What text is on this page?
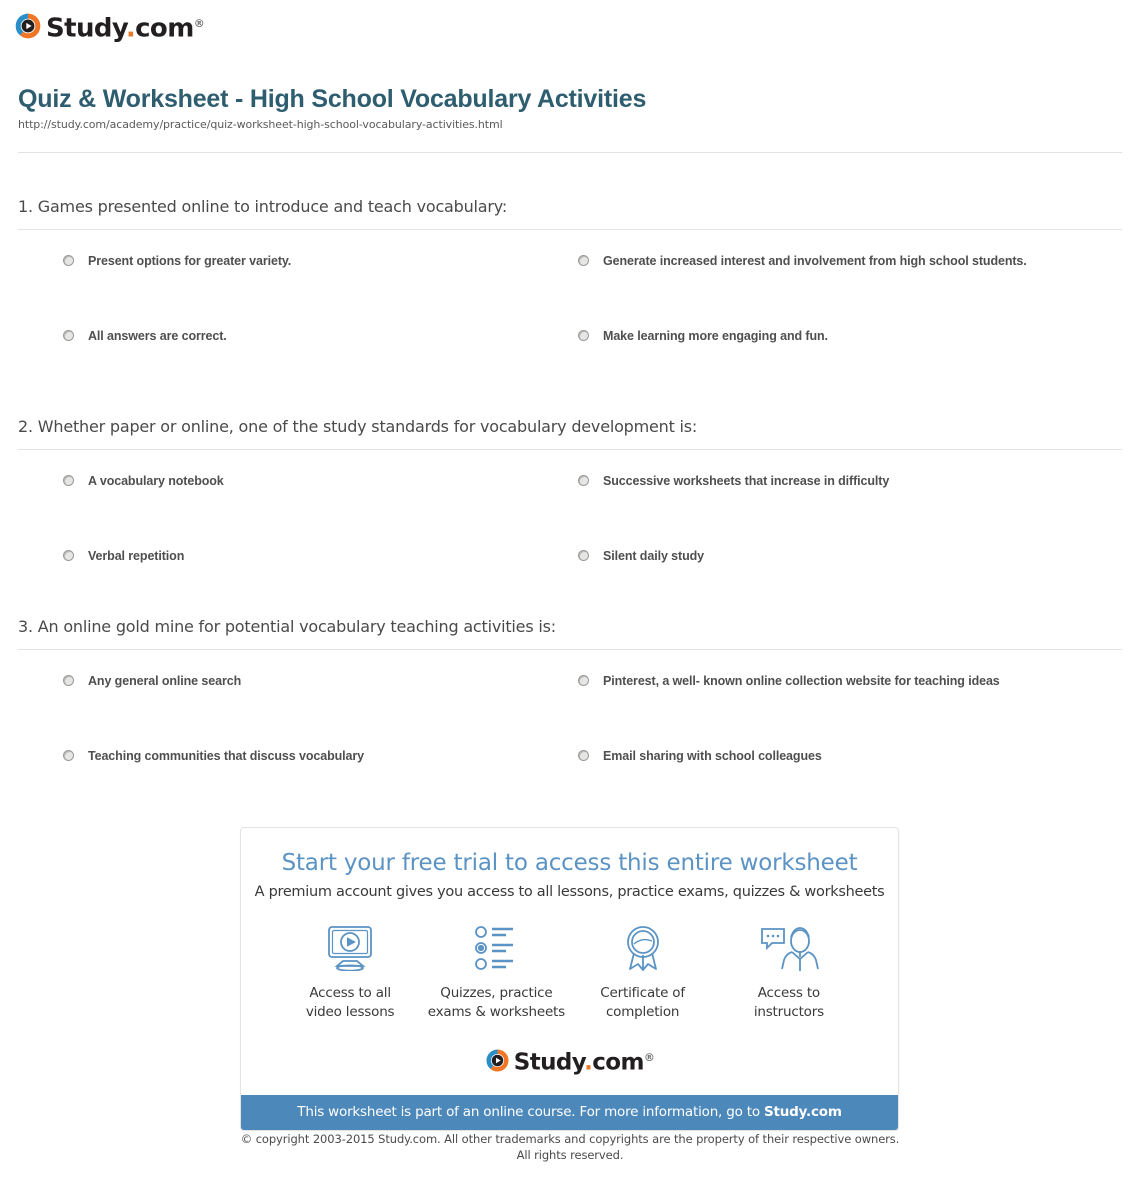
Study.com®
Quiz & Worksheet - High School Vocabulary Activities
http://study.com/academy/practice/quiz-worksheet-high-school-vocabulary-activities.html
1. Games presented online to introduce and teach vocabulary:
Present options for greater variety.	Generate increased interest and involvement from high school students.
All answers are correct.	Make learning more engaging and fun.
2. Whether paper or online, one of the study standards for vocabulary development is:
A vocabulary notebook	Successive worksheets that increase in difficulty
Verbal repetition	Silent daily study
3. An online gold mine for potential vocabulary teaching activities is:
Any general online search	Pinterest, a well- known online collection website for teaching ideas
Teaching communities that discuss vocabulary	Email sharing with school colleagues
Start your free trial to access this entire worksheet
A premium account gives you access to all lessons, practice exams, quizzes & worksheets
Access to all
video lessons
Quizzes, practice
exams & worksheets
Certificate of
completion
Access to
instructors
Study.com®
This worksheet is part of an online course. For more information, go to Study.com
© copyright 2003-2015 Study.com. All other trademarks and copyrights are the property of their respective owners.
All rights reserved.
